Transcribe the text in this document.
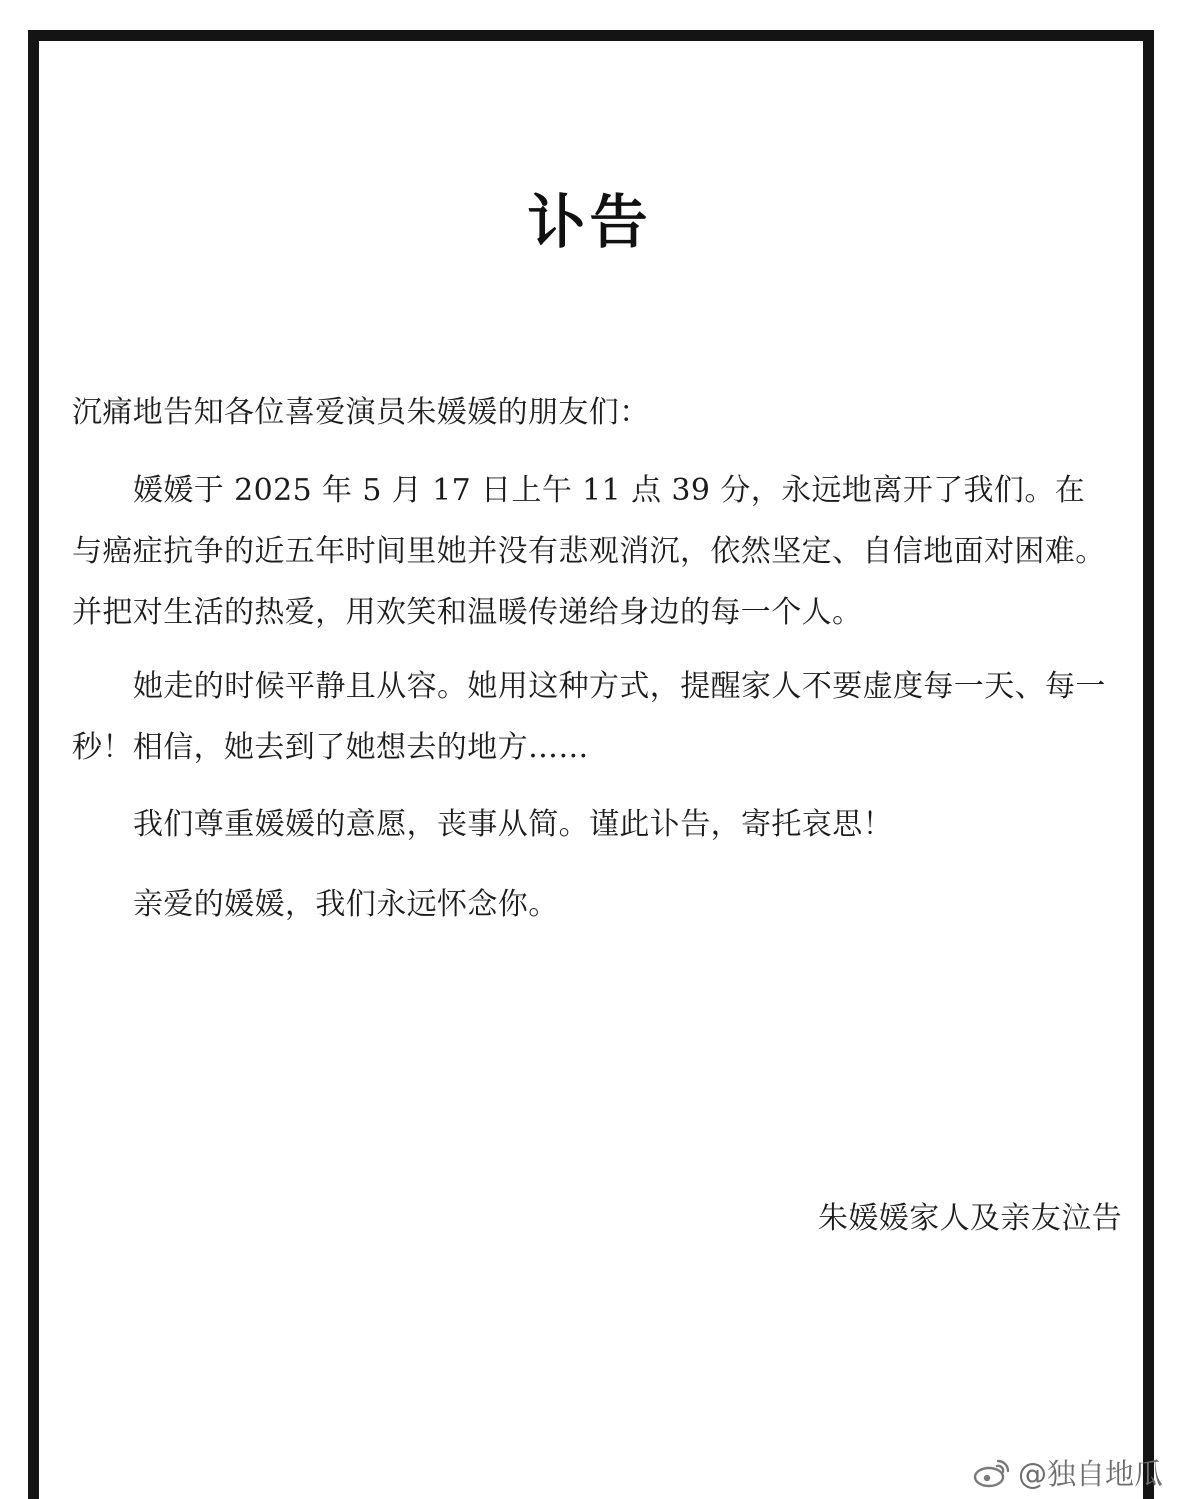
讣告

沉痛地告知各位喜爱演员朱媛媛的朋友们：

媛媛于 2025 年 5 月 17 日上午 11 点 39 分，永远地离开了我们。在与癌症抗争的近五年时间里她并没有悲观消沉，依然坚定、自信地面对困难。并把对生活的热爱，用欢笑和温暖传递给身边的每一个人。

她走的时候平静且从容。她用这种方式，提醒家人不要虚度每一天、每一秒！相信，她去到了她想去的地方……

我们尊重媛媛的意愿，丧事从简。谨此讣告，寄托哀思！

亲爱的媛媛，我们永远怀念你。

朱媛媛家人及亲友泣告
@独自地瓜
